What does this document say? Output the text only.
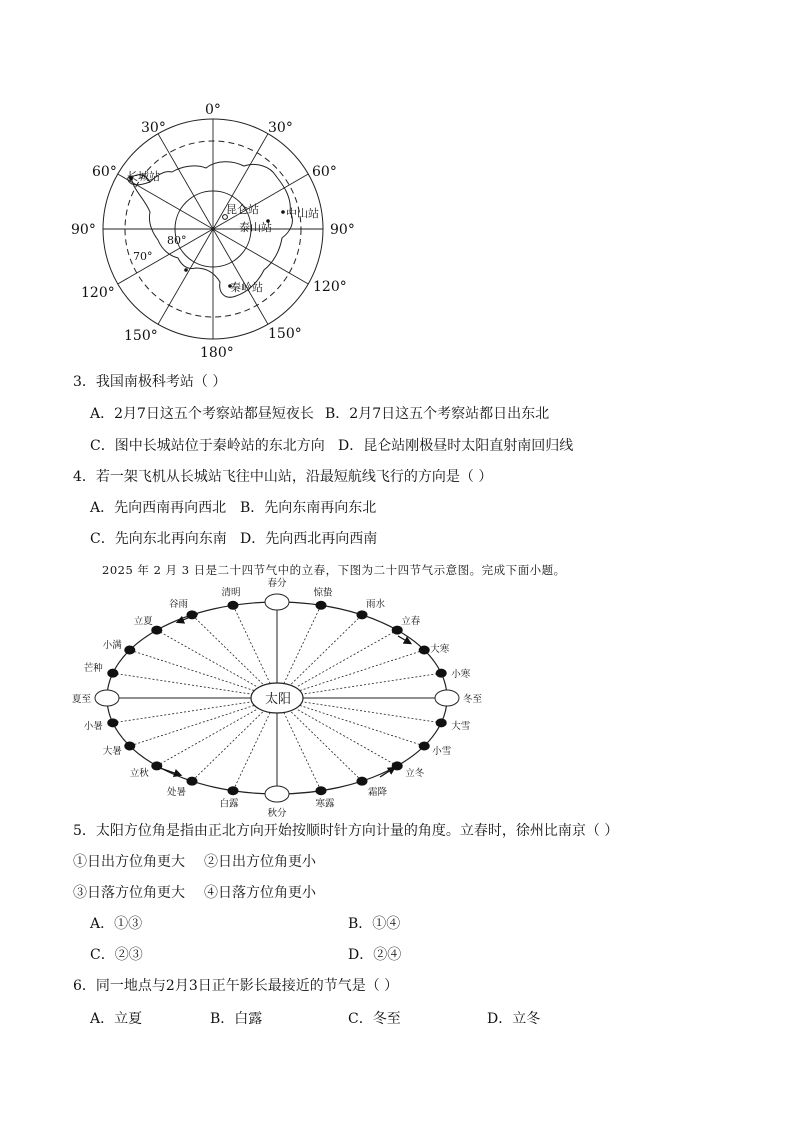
0°
30°	30°
60°	60°
90°	90°
120°	120°
150°	150°
180°
80°
70°
长城站
昆仑站 中山站
泰山站
秦岭站
3．我国南极科考站（ ）
A．2月7日这五个考察站都昼短夜长 B．2月7日这五个考察站都日出东北
C．图中长城站位于秦岭站的东北方向 D．昆仑站刚极昼时太阳直射南回归线
4．若一架飞机从长城站飞往中山站，沿最短航线飞行的方向是（ ）
A．先向西南再向西北 B．先向东南再向东北
C．先向东北再向东南 D．先向西北再向西南
2025 年 2 月 3 日是二十四节气中的立春，下图为二十四节气示意图。完成下面小题。
太阳	冬至
小寒
大寒
立春
雨水
惊蛰
春分
清明
谷雨
立夏
小满
芒种
夏至
小暑
大暑
立秋
处暑
白露
秋分
寒露
霜降
立冬
小雪
大雪
5．太阳方位角是指由正北方向开始按顺时针方向计量的角度。立春时，徐州比南京（ ）
①日出方位角更大 ②日出方位角更小
③日落方位角更大 ④日落方位角更小
A．①③	B．①④
C．②③	D．②④
6．同一地点与2月3日正午影长最接近的节气是（ ）
A．立夏	B．白露	C．冬至	D．立冬
